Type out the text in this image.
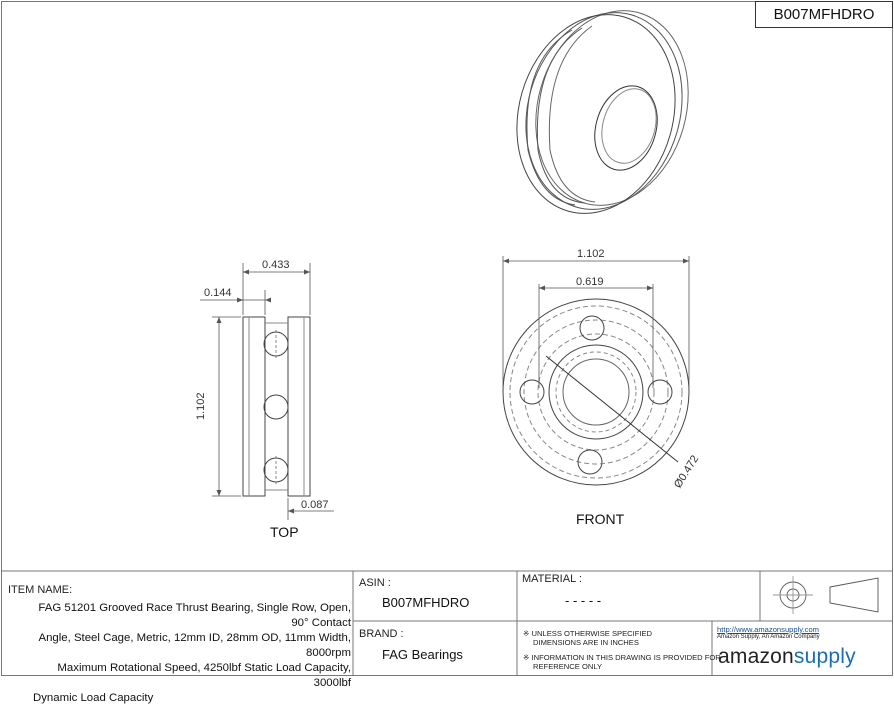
B007MFHDRO
0.433
0.144
1.102
0.087
TOP
1.102
0.619
Ø0.472
FRONT
ITEM NAME:
FAG 51201 Grooved Race Thrust Bearing, Single Row, Open, 90° Contact
Angle, Steel Cage, Metric, 12mm ID, 28mm OD, 11mm Width, 8000rpm
Maximum Rotational Speed, 4250lbf Static Load Capacity, 3000lbf
Dynamic Load Capacity
ASIN :
B007MFHDRO
BRAND :
FAG Bearings
MATERIAL :
- - - - -
※ UNLESS OTHERWISE SPECIFIED
DIMENSIONS ARE IN INCHES
※ INFORMATION IN THIS DRAWING IS PROVIDED FOR
REFERENCE ONLY
http://www.amazonsupply.com
Amazon Supply, An Amazon Company
amazonsupply
